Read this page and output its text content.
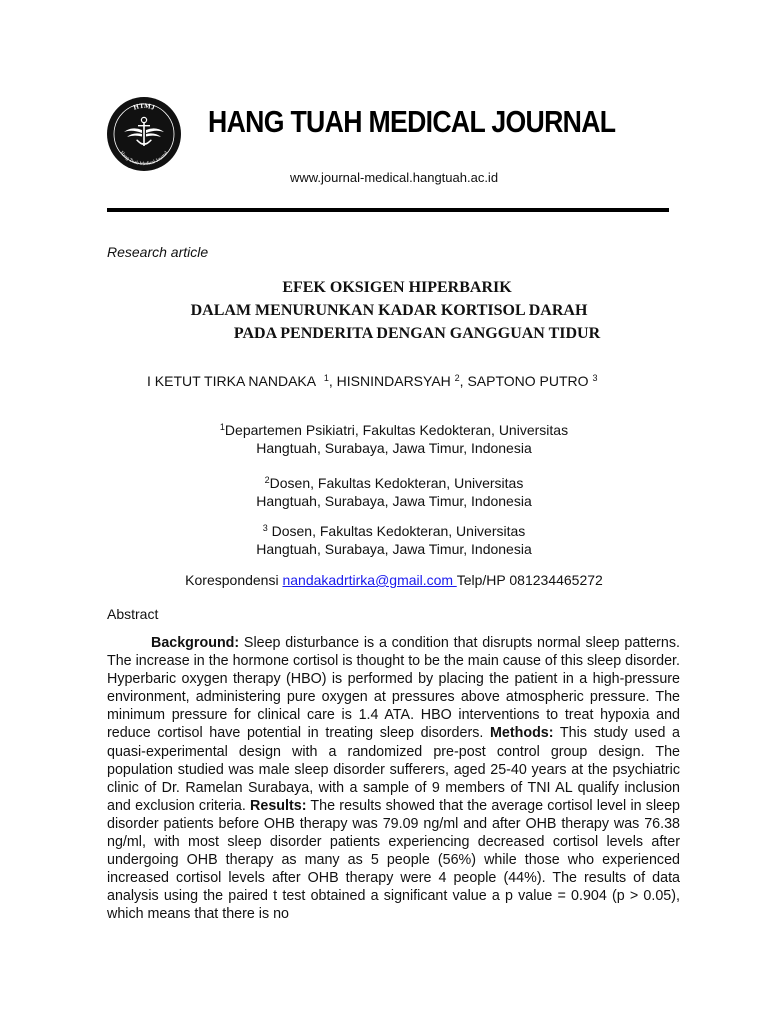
HTMJ
Hang Tuah Medical Journal
HANG TUAH MEDICAL JOURNAL
www.journal-medical.hangtuah.ac.id
Research article
EFEK OKSIGEN HIPERBARIK
DALAM MENURUNKAN KADAR KORTISOL DARAH
PADA PENDERITA DENGAN GANGGUAN TIDUR
I KETUT TIRKA NANDAKA $^1$, HISNINDARSYAH $^2$, SAPTONO PUTRO $^3$
$^1$Departemen Psikiatri, Fakultas Kedokteran, Universitas
Hangtuah, Surabaya, Jawa Timur, Indonesia
$^2$Dosen, Fakultas Kedokteran, Universitas
Hangtuah, Surabaya, Jawa Timur, Indonesia
$^3$ Dosen, Fakultas Kedokteran, Universitas
Hangtuah, Surabaya, Jawa Timur, Indonesia
Korespondensi nandakadrtirka@gmail.com Telp/HP 081234465272
Abstract
Background: Sleep disturbance is a condition that disrupts normal sleep patterns. The increase in the hormone cortisol is thought to be the main cause of this sleep disorder. Hyperbaric oxygen therapy (HBO) is performed by placing the patient in a high-pressure environment, administering pure oxygen at pressures above atmospheric pressure. The minimum pressure for clinical care is 1.4 ATA. HBO interventions to treat hypoxia and reduce cortisol have potential in treating sleep disorders. Methods: This study used a quasi-experimental design with a randomized pre-post control group design. The population studied was male sleep disorder sufferers, aged 25-40 years at the psychiatric clinic of Dr. Ramelan Surabaya, with a sample of 9 members of TNI AL qualify inclusion and exclusion criteria. Results: The results showed that the average cortisol level in sleep disorder patients before OHB therapy was 79.09 ng/ml and after OHB therapy was 76.38 ng/ml, with most sleep disorder patients experiencing decreased cortisol levels after undergoing OHB therapy as many as 5 people (56%) while those who experienced increased cortisol levels after OHB therapy were 4 people (44%). The results of data analysis using the paired t test obtained a significant value a p value = 0.904 (p > 0.05), which means that there is no
